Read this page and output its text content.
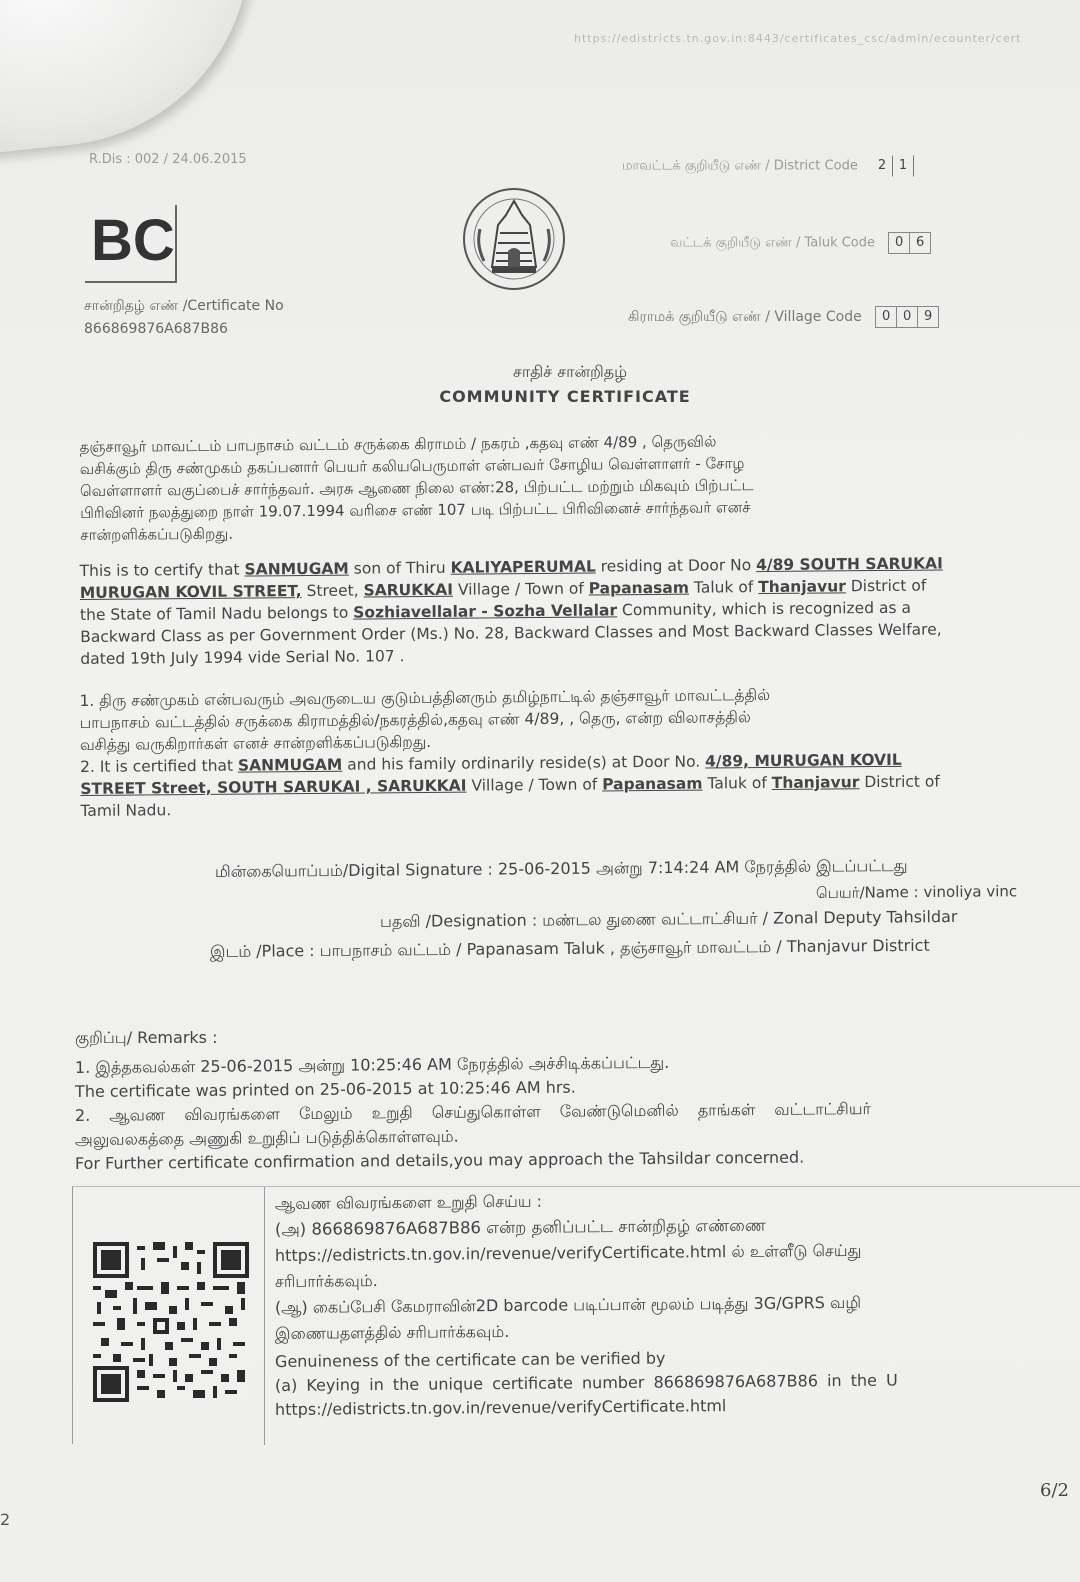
https://edistricts.tn.gov.in:8443/certificates_csc/admin/ecounter/cert
R.Dis : 002 / 24.06.2015	மாவட்டக் குறியீடு எண் / District Code	2 1
வட்டக் குறியீடு எண் / Taluk Code	0 6
கிராமக் குறியீடு எண் / Village Code	0 0 9
BC
சான்றிதழ் எண் /Certificate No
866869876A687B86
சாதிச் சான்றிதழ்
COMMUNITY CERTIFICATE
தஞ்சாவூர் மாவட்டம் பாபநாசம் வட்டம் சருக்கை கிராமம் / நகரம் ,கதவு எண் 4/89 , தெருவில்
வசிக்கும் திரு சண்முகம் தகப்பனார் பெயர் கலியபெருமாள் என்பவர் சோழிய வெள்ளாளர் - சோழ
வெள்ளாளர் வகுப்பைச் சார்ந்தவர். அரசு ஆணை நிலை எண்:28, பிற்பட்ட மற்றும் மிகவும் பிற்பட்ட
பிரிவினர் நலத்துறை நாள் 19.07.1994 வரிசை எண் 107 படி பிற்பட்ட பிரிவினைச் சார்ந்தவர் எனச்
சான்றளிக்கப்படுகிறது.
This is to certify that SANMUGAM son of Thiru KALIYAPERUMAL residing at Door No 4/89 SOUTH SARUKAI
MURUGAN KOVIL STREET, Street, SARUKKAI Village / Town of Papanasam Taluk of Thanjavur District of
the State of Tamil Nadu belongs to Sozhiavellalar - Sozha Vellalar Community, which is recognized as a
Backward Class as per Government Order (Ms.) No. 28, Backward Classes and Most Backward Classes Welfare,
dated 19th July 1994 vide Serial No. 107 .
1. திரு சண்முகம் என்பவரும் அவருடைய குடும்பத்தினரும் தமிழ்நாட்டில் தஞ்சாவூர் மாவட்டத்தில்
பாபநாசம் வட்டத்தில் சருக்கை கிராமத்தில்/நகரத்தில்,கதவு எண் 4/89, , தெரு, என்ற விலாசத்தில்
வசித்து வருகிறார்கள் எனச் சான்றளிக்கப்படுகிறது.
2. It is certified that SANMUGAM and his family ordinarily reside(s) at Door No. 4/89, MURUGAN KOVIL
STREET Street, SOUTH SARUKAI , SARUKKAI Village / Town of Papanasam Taluk of Thanjavur District of
Tamil Nadu.
மின்கையொப்பம்/Digital Signature : 25-06-2015 அன்று 7:14:24 AM நேரத்தில் இடப்பட்டது
பெயர்/Name : vinoliya vinc
பதவி /Designation : மண்டல துணை வட்டாட்சியர் / Zonal Deputy Tahsildar
இடம் /Place : பாபநாசம் வட்டம் / Papanasam Taluk , தஞ்சாவூர் மாவட்டம் / Thanjavur District
குறிப்பு/ Remarks :
1. இத்தகவல்கள் 25-06-2015 அன்று 10:25:46 AM நேரத்தில் அச்சிடிக்கப்பட்டது.
The certificate was printed on 25-06-2015 at 10:25:46 AM hrs.
2. ஆவண விவரங்களை மேலும் உறுதி செய்துகொள்ள வேண்டுமெனில் தாங்கள் வட்டாட்சியர்
அலுவலகத்தை அணுகி உறுதிப் படுத்திக்கொள்ளவும்.
For Further certificate confirmation and details,you may approach the Tahsildar concerned.
ஆவண விவரங்களை உறுதி செய்ய :
(அ) 866869876A687B86 என்ற தனிப்பட்ட சான்றிதழ் எண்ணை
https://edistricts.tn.gov.in/revenue/verifyCertificate.html ல் உள்ளீடு செய்து
சரிபார்க்கவும்.
(ஆ) கைப்பேசி கேமராவின்2D barcode படிப்பான் மூலம் படித்து 3G/GPRS வழி
இணையதளத்தில் சரிபார்க்கவும்.
Genuineness of the certificate can be verified by
(a) Keying in the unique certificate number 866869876A687B86 in the U
https://edistricts.tn.gov.in/revenue/verifyCertificate.html
6/2
2
